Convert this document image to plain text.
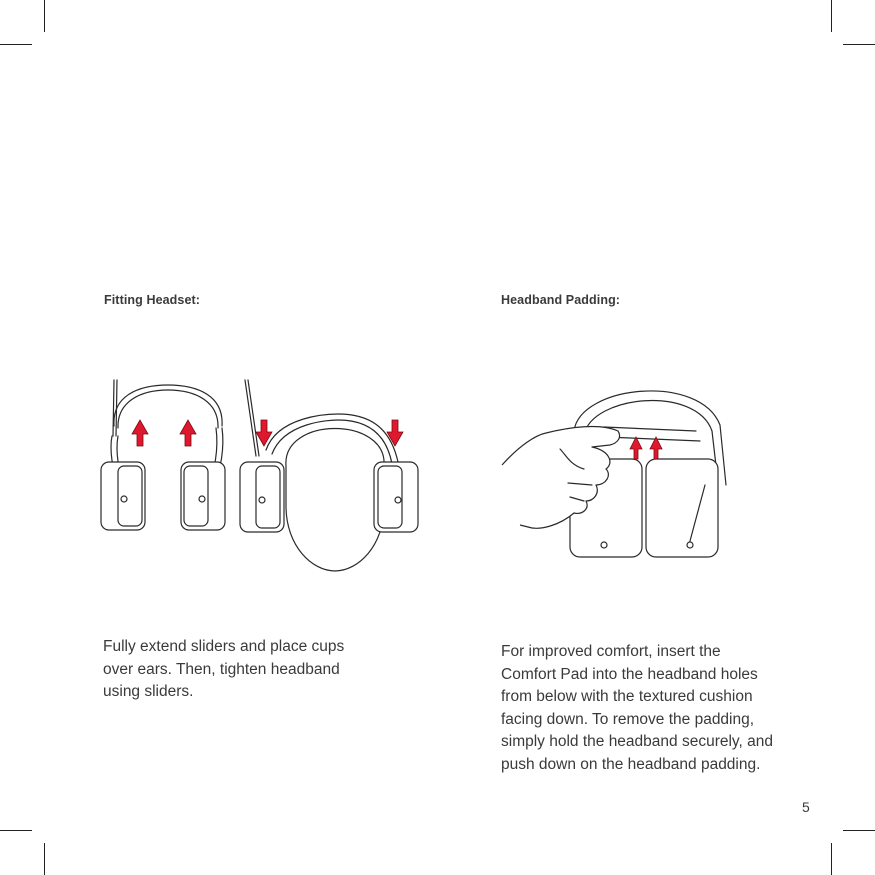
Fitting Headset:	Headband Padding:
Fully extend sliders and place cups
over ears. Then, tighten headband
using sliders.
For improved comfort, insert the
Comfort Pad into the headband holes
from below with the textured cushion
facing down. To remove the padding,
simply hold the headband securely, and
push down on the headband padding.
5
